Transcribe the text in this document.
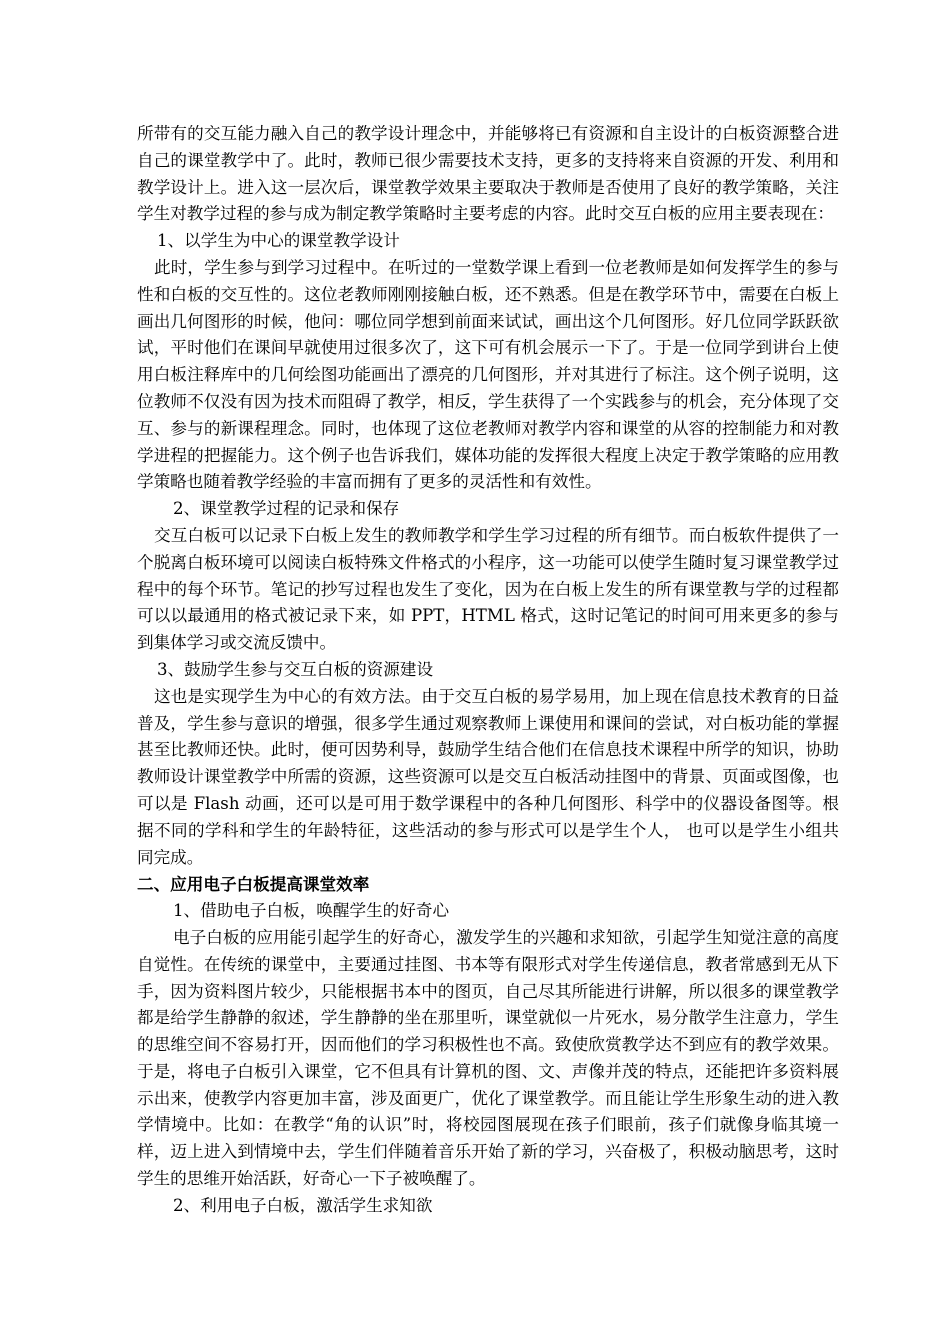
所带有的交互能力融入自己的教学设计理念中，并能够将已有资源和自主设计的白板资源整合进自己的课堂教学中了。此时，教师已很少需要技术支持，更多的支持将来自资源的开发、利用和教学设计上。进入这一层次后，课堂教学效果主要取决于教师是否使用了良好的教学策略，关注学生对教学过程的参与成为制定教学策略时主要考虑的内容。此时交互白板的应用主要表现在：

1、以学生为中心的课堂教学设计

此时，学生参与到学习过程中。在听过的一堂数学课上看到一位老教师是如何发挥学生的参与性和白板的交互性的。这位老教师刚刚接触白板，还不熟悉。但是在教学环节中，需要在白板上画出几何图形的时候，他问：哪位同学想到前面来试试，画出这个几何图形。好几位同学跃跃欲试，平时他们在课间早就使用过很多次了，这下可有机会展示一下了。于是一位同学到讲台上使用白板注释库中的几何绘图功能画出了漂亮的几何图形，并对其进行了标注。这个例子说明，这位教师不仅没有因为技术而阻碍了教学，相反，学生获得了一个实践参与的机会，充分体现了交互、参与的新课程理念。同时，也体现了这位老教师对教学内容和课堂的从容的控制能力和对教学进程的把握能力。这个例子也告诉我们，媒体功能的发挥很大程度上决定于教学策略的应用教学策略也随着教学经验的丰富而拥有了更多的灵活性和有效性。

2、课堂教学过程的记录和保存

交互白板可以记录下白板上发生的教师教学和学生学习过程的所有细节。而白板软件提供了一个脱离白板环境可以阅读白板特殊文件格式的小程序，这一功能可以使学生随时复习课堂教学过程中的每个环节。笔记的抄写过程也发生了变化，因为在白板上发生的所有课堂教与学的过程都可以以最通用的格式被记录下来，如 PPT，HTML 格式，这时记笔记的时间可用来更多的参与到集体学习或交流反馈中。

3、鼓励学生参与交互白板的资源建设

这也是实现学生为中心的有效方法。由于交互白板的易学易用，加上现在信息技术教育的日益普及，学生参与意识的增强，很多学生通过观察教师上课使用和课间的尝试，对白板功能的掌握甚至比教师还快。此时，便可因势利导，鼓励学生结合他们在信息技术课程中所学的知识，协助教师设计课堂教学中所需的资源，这些资源可以是交互白板活动挂图中的背景、页面或图像，也可以是 Flash 动画，还可以是可用于数学课程中的各种几何图形、科学中的仪器设备图等。根据不同的学科和学生的年龄特征，这些活动的参与形式可以是学生个人， 也可以是学生小组共同完成。

二、应用电子白板提高课堂效率

1、借助电子白板，唤醒学生的好奇心

电子白板的应用能引起学生的好奇心，激发学生的兴趣和求知欲，引起学生知觉注意的高度自觉性。在传统的课堂中，主要通过挂图、书本等有限形式对学生传递信息，教者常感到无从下手，因为资料图片较少，只能根据书本中的图页，自己尽其所能进行讲解，所以很多的课堂教学都是给学生静静的叙述，学生静静的坐在那里听，课堂就似一片死水，易分散学生注意力，学生的思维空间不容易打开，因而他们的学习积极性也不高。致使欣赏教学达不到应有的教学效果。于是，将电子白板引入课堂，它不但具有计算机的图、文、声像并茂的特点，还能把许多资料展示出来，使教学内容更加丰富，涉及面更广，优化了课堂教学。而且能让学生形象生动的进入教学情境中。比如：在教学“角的认识”时，将校园图展现在孩子们眼前，孩子们就像身临其境一样，迈上进入到情境中去，学生们伴随着音乐开始了新的学习，兴奋极了，积极动脑思考，这时学生的思维开始活跃，好奇心一下子被唤醒了。

2、利用电子白板，激活学生求知欲
